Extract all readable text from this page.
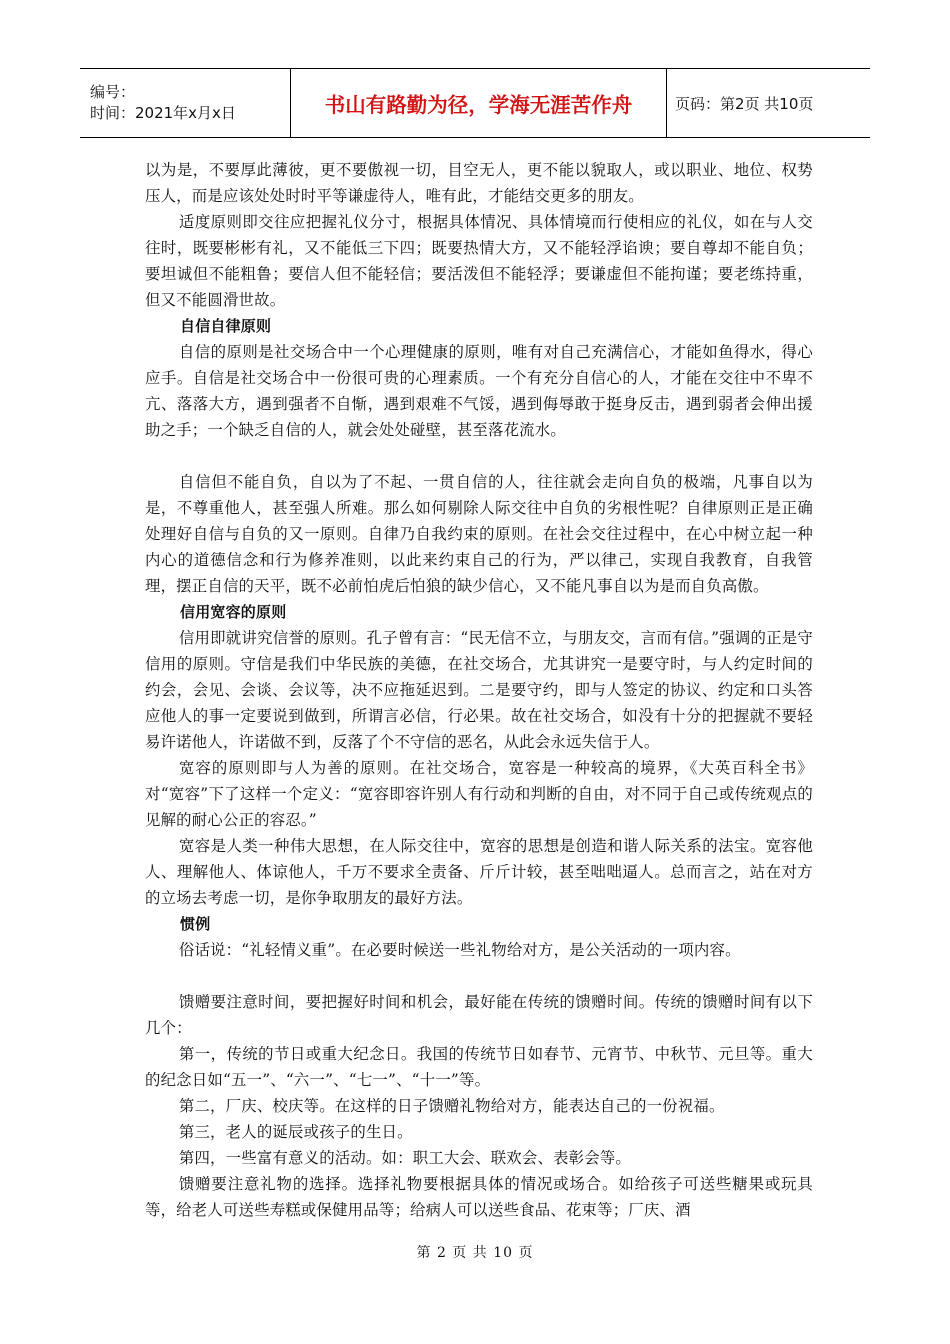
编号：
时间：2021年x月x日	书山有路勤为径，学海无涯苦作舟	页码：第2页 共10页

以为是，不要厚此薄彼，更不要傲视一切，目空无人，更不能以貌取人，或以职业、地位、权势压人，而是应该处处时时平等谦虚待人，唯有此，才能结交更多的朋友。

适度原则即交往应把握礼仪分寸，根据具体情况、具体情境而行使相应的礼仪，如在与人交往时，既要彬彬有礼，又不能低三下四；既要热情大方，又不能轻浮谄谀；要自尊却不能自负；要坦诚但不能粗鲁；要信人但不能轻信；要活泼但不能轻浮；要谦虚但不能拘谨；要老练持重，但又不能圆滑世故。

自信自律原则

自信的原则是社交场合中一个心理健康的原则，唯有对自己充满信心，才能如鱼得水，得心应手。自信是社交场合中一份很可贵的心理素质。一个有充分自信心的人，才能在交往中不卑不亢、落落大方，遇到强者不自惭，遇到艰难不气馁，遇到侮辱敢于挺身反击，遇到弱者会伸出援助之手；一个缺乏自信的人，就会处处碰壁，甚至落花流水。

自信但不能自负，自以为了不起、一贯自信的人，往往就会走向自负的极端，凡事自以为是，不尊重他人，甚至强人所难。那么如何剔除人际交往中自负的劣根性呢？自律原则正是正确处理好自信与自负的又一原则。自律乃自我约束的原则。在社会交往过程中，在心中树立起一种内心的道德信念和行为修养准则，以此来约束自己的行为，严以律己，实现自我教育，自我管理，摆正自信的天平，既不必前怕虎后怕狼的缺少信心，又不能凡事自以为是而自负高傲。

信用宽容的原则

信用即就讲究信誉的原则。孔子曾有言：“民无信不立，与朋友交，言而有信。”强调的正是守信用的原则。守信是我们中华民族的美德，在社交场合，尤其讲究一是要守时，与人约定时间的约会，会见、会谈、会议等，决不应拖延迟到。二是要守约，即与人签定的协议、约定和口头答应他人的事一定要说到做到，所谓言必信，行必果。故在社交场合，如没有十分的把握就不要轻易许诺他人，许诺做不到，反落了个不守信的恶名，从此会永远失信于人。

宽容的原则即与人为善的原则。在社交场合，宽容是一种较高的境界，《大英百科全书》对“宽容”下了这样一个定义：“宽容即容许别人有行动和判断的自由，对不同于自己或传统观点的见解的耐心公正的容忍。”

宽容是人类一种伟大思想，在人际交往中，宽容的思想是创造和谐人际关系的法宝。宽容他人、理解他人、体谅他人，千万不要求全责备、斤斤计较，甚至咄咄逼人。总而言之，站在对方的立场去考虑一切，是你争取朋友的最好方法。

惯例

俗话说：“礼轻情义重”。在必要时候送一些礼物给对方，是公关活动的一项内容。

馈赠要注意时间，要把握好时间和机会，最好能在传统的馈赠时间。传统的馈赠时间有以下几个：

第一，传统的节日或重大纪念日。我国的传统节日如春节、元宵节、中秋节、元旦等。重大的纪念日如“五一”、“六一”、“七一”、“十一”等。

第二，厂庆、校庆等。在这样的日子馈赠礼物给对方，能表达自己的一份祝福。

第三，老人的诞辰或孩子的生日。

第四，一些富有意义的活动。如：职工大会、联欢会、表彰会等。

馈赠要注意礼物的选择。选择礼物要根据具体的情况或场合。如给孩子可送些糖果或玩具等，给老人可送些寿糕或保健用品等；给病人可以送些食品、花束等；厂庆、酒

第 2 页 共 10 页
